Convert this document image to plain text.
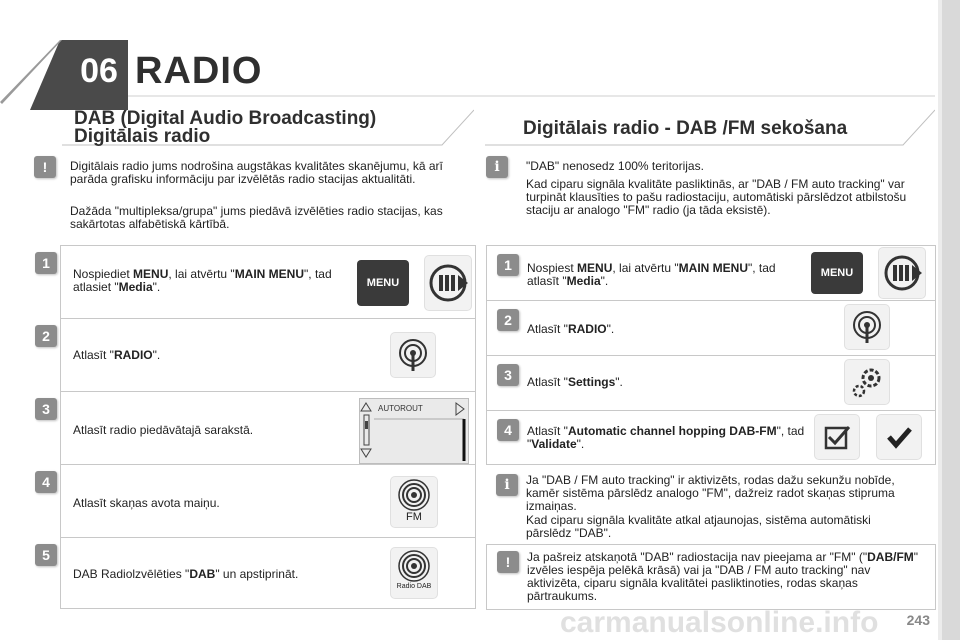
06 RADIO
DAB (Digital Audio Broadcasting)
Digitālais radio	Digitālais radio - DAB /FM sekošana
!	Digitālais radio jums nodrošina augstākas kvalitātes skanējumu, kā arī parāda grafisku informāciju par izvēlētās radio stacijas aktualitāti.
Dažāda "multipleksa/grupa" jums piedāvā izvēlēties radio stacijas, kas sakārtotas alfabētiskā kārtībā.
1
Nospiediet MENU, lai atvērtu "MAIN MENU", tad atlasiet "Media".	MENU
2
Atlasīt "RADIO".
3
Atlasīt radio piedāvātajā sarakstā.
AUTOROUT
4
Atlasīt skaņas avota maiņu.
FM
5
DAB Radiolzvēlēties "DAB" un apstiprināt.
Radio DAB
i	"DAB" nenosedz 100% teritorijas.
Kad ciparu signāla kvalitāte pasliktinās, ar "DAB / FM auto tracking" var turpināt klausīties to pašu radiostaciju, automātiski pārslēdzot atbilstošu staciju ar analogo "FM" radio (ja tāda eksistē).
1	Nospiest MENU, lai atvērtu "MAIN MENU", tad atlasīt "Media".
MENU
2
Atlasīt "RADIO".
3	Atlasīt "Settings".
4	Atlasīt "Automatic channel hopping DAB-FM", tad "Validate".
i	Ja "DAB / FM auto tracking" ir aktivizēts, rodas dažu sekunžu nobīde, kamēr sistēma pārslēdz analogo "FM", dažreiz radot skaņas stipruma izmaiņas.
Kad ciparu signāla kvalitāte atkal atjaunojas, sistēma automātiski pārslēdz "DAB".
!	Ja pašreiz atskaņotā "DAB" radiostacija nav pieejama ar "FM" ("DAB/FM" izvēles iespēja pelēkā krāsā) vai ja "DAB / FM auto tracking" nav aktivizēta, ciparu signāla kvalitātei pasliktinoties, rodas skaņas pārtraukums.
243
carmanualsonline.info
